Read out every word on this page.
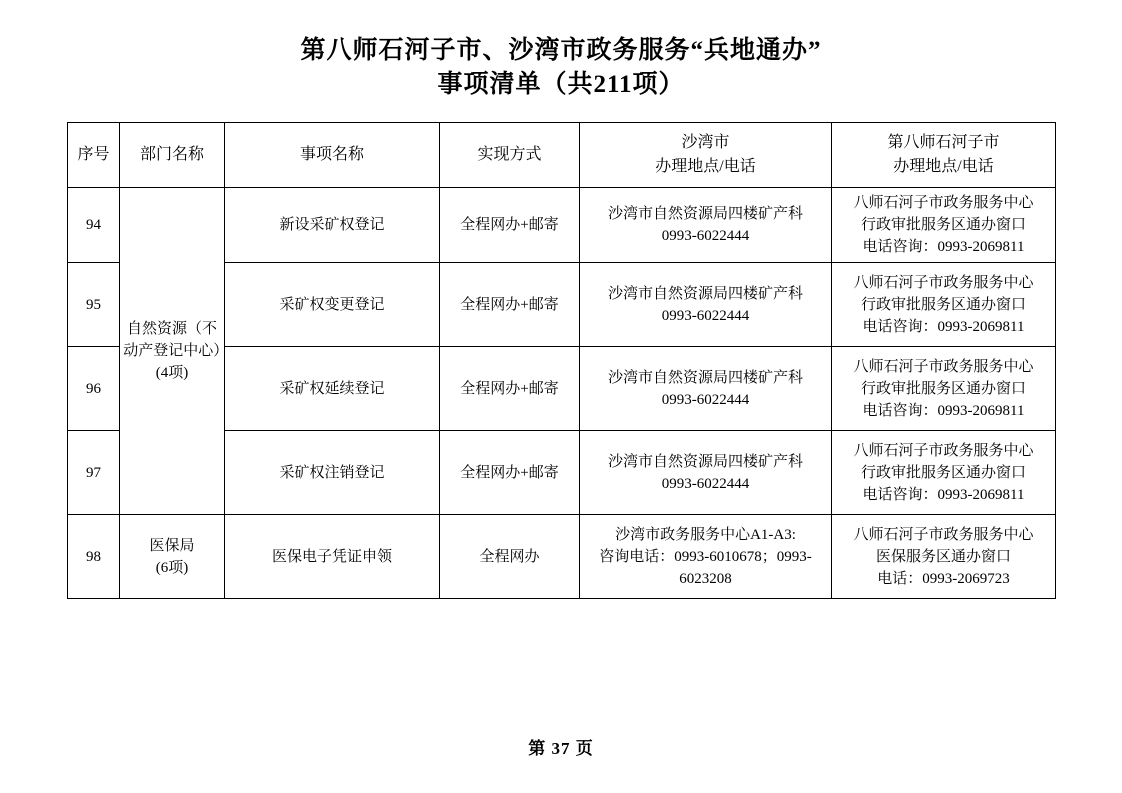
第八师石河子市、沙湾市政务服务“兵地通办”
事项清单（共211项）
序号	部门名称	事项名称	实现方式	沙湾市
办理地点/电话	第八师石河子市
办理地点/电话

94	自然资源（不动产登记中心）(4项)	新设采矿权登记	全程网办+邮寄	沙湾市自然资源局四楼矿产科
0993-6022444	八师石河子市政务服务中心
行政审批服务区通办窗口
电话咨询：0993-2069811

95		采矿权变更登记	全程网办+邮寄	沙湾市自然资源局四楼矿产科
0993-6022444	八师石河子市政务服务中心
行政审批服务区通办窗口
电话咨询：0993-2069811

96		采矿权延续登记	全程网办+邮寄	沙湾市自然资源局四楼矿产科
0993-6022444	八师石河子市政务服务中心
行政审批服务区通办窗口
电话咨询：0993-2069811

97		采矿权注销登记	全程网办+邮寄	沙湾市自然资源局四楼矿产科
0993-6022444	八师石河子市政务服务中心
行政审批服务区通办窗口
电话咨询：0993-2069811

98	医保局
(6项)	医保电子凭证申领	全程网办	沙湾市政务服务中心A1-A3:
咨询电话：0993-6010678；0993-6023208	八师石河子市政务服务中心
医保服务区通办窗口
电话：0993-2069723
第 37 页
